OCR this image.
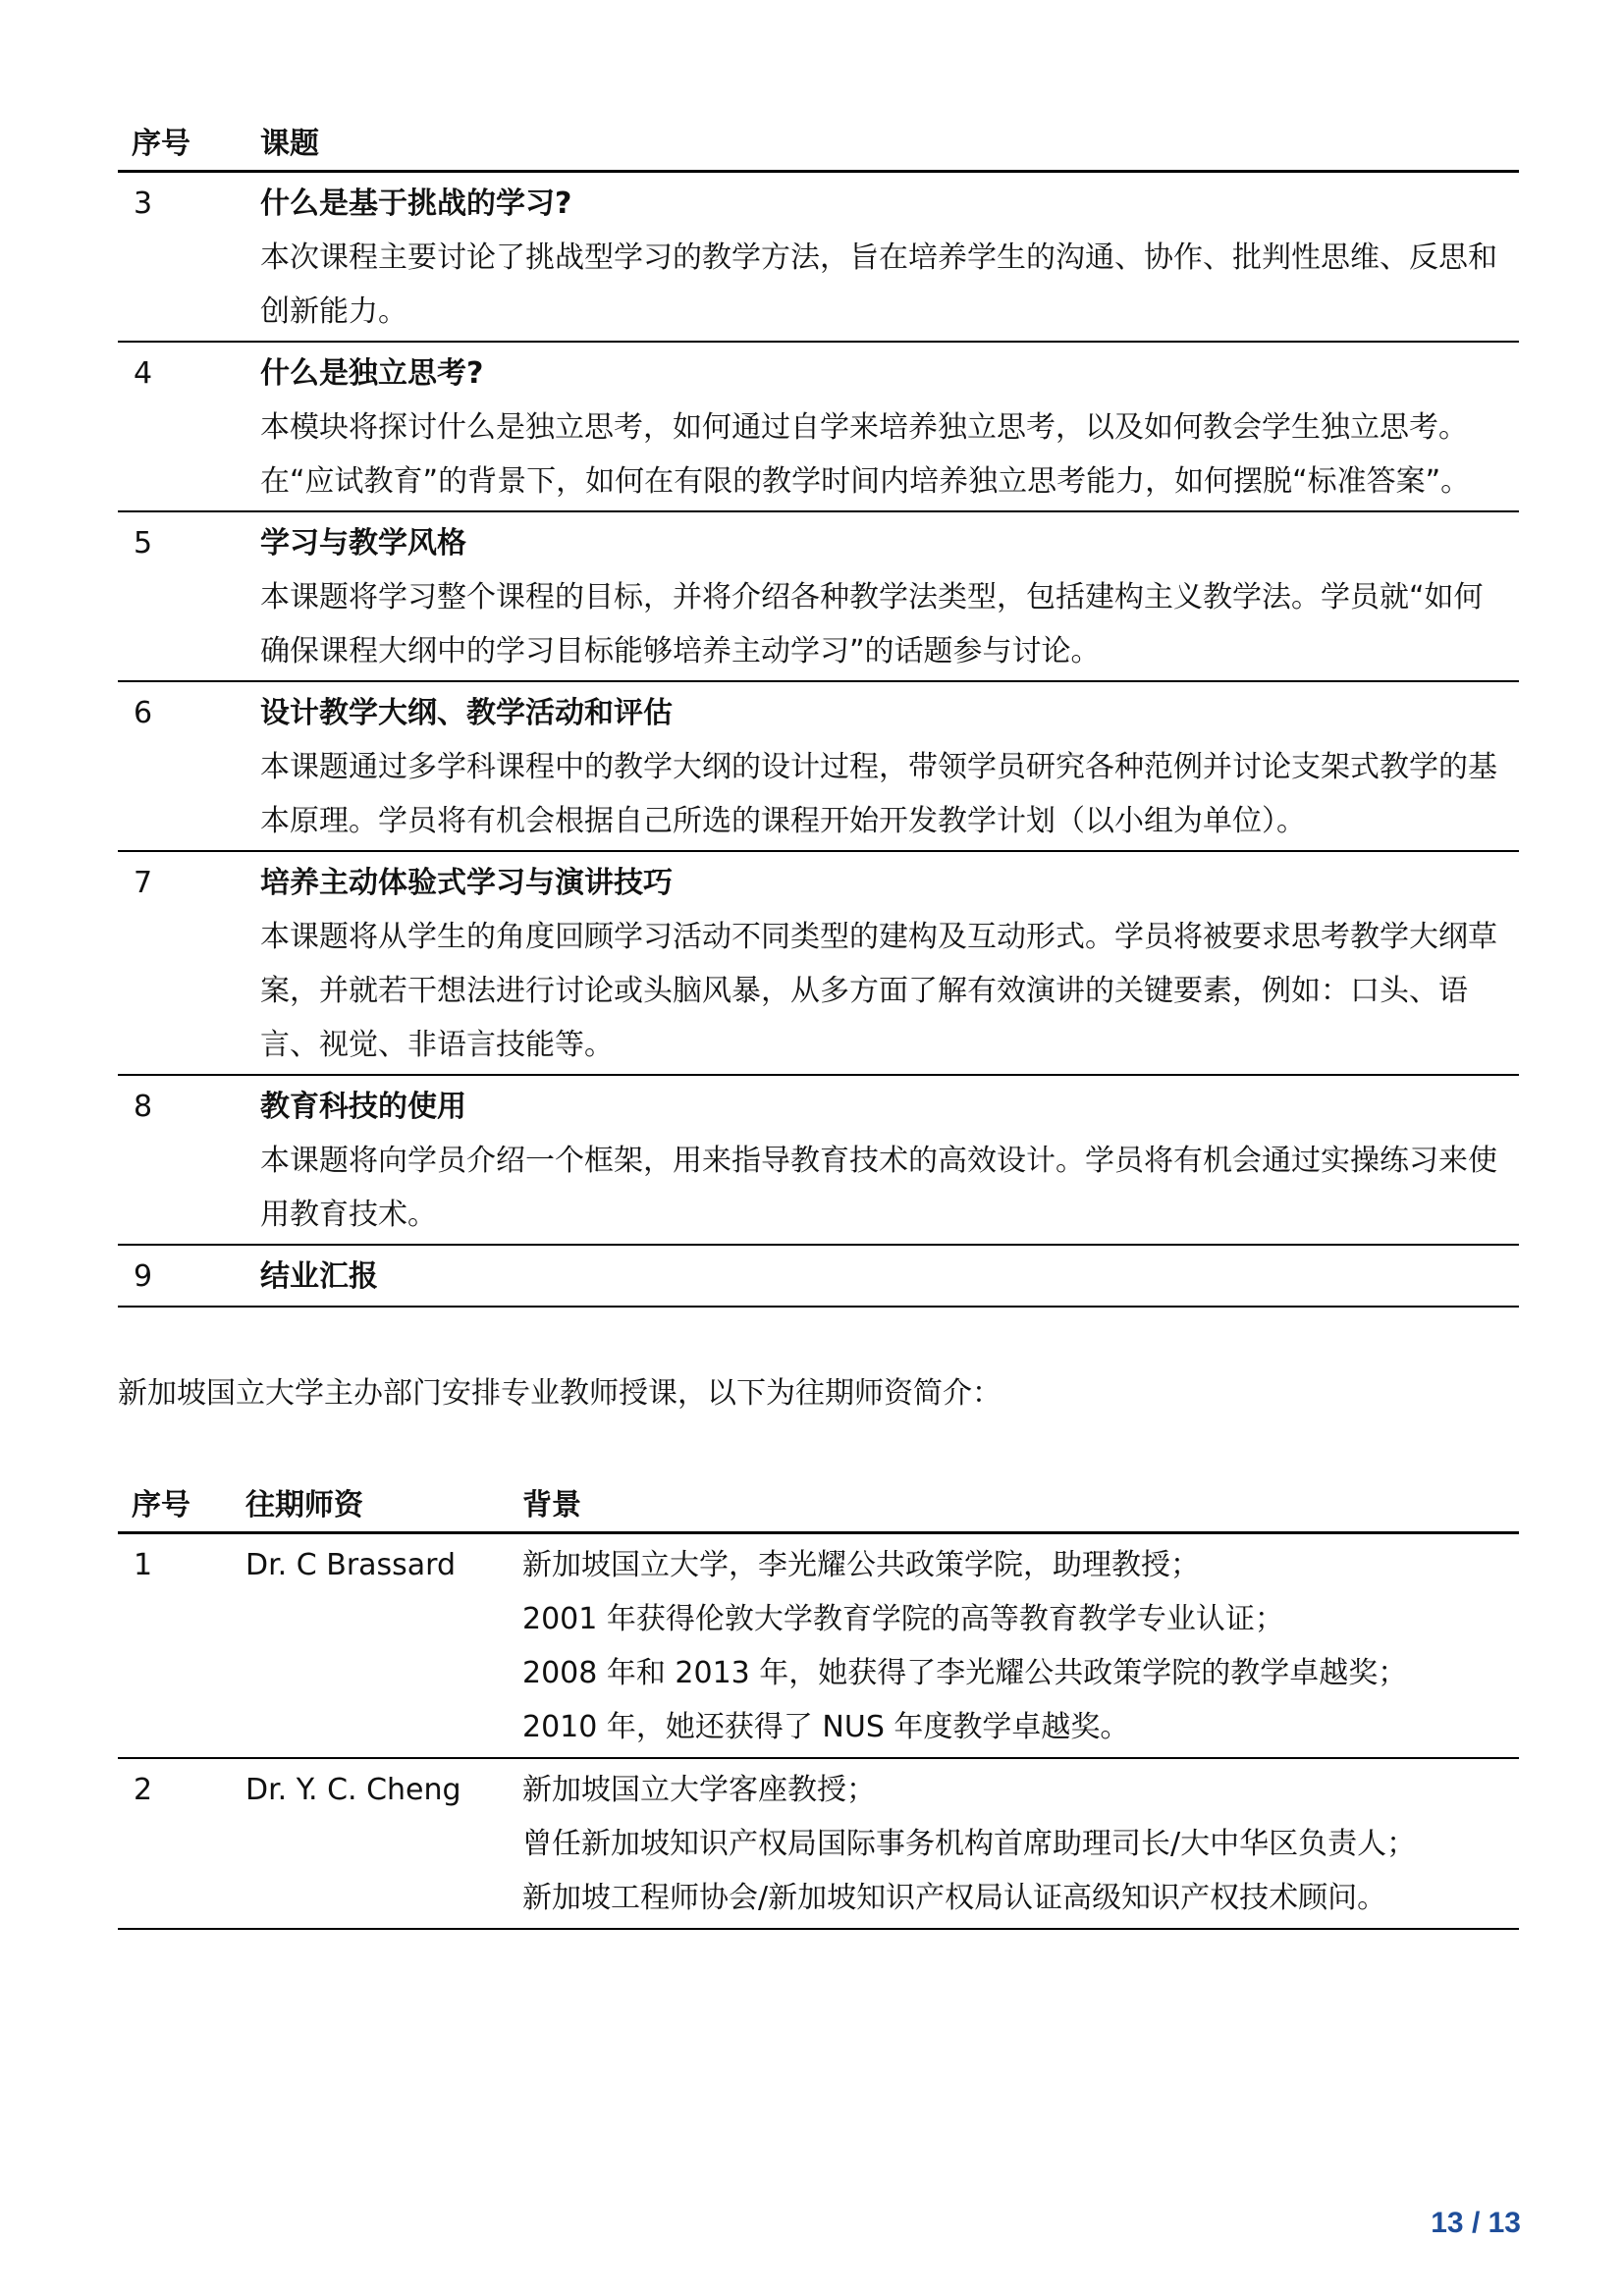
序号	课题
3	什么是基于挑战的学习?
本次课程主要讨论了挑战型学习的教学方法，旨在培养学生的沟通、协作、批判性思维、反思和创新能力。
4	什么是独立思考?
本模块将探讨什么是独立思考，如何通过自学来培养独立思考，以及如何教会学生独立思考。在“应试教育”的背景下，如何在有限的教学时间内培养独立思考能力，如何摆脱“标准答案”。
5	学习与教学风格
本课题将学习整个课程的目标，并将介绍各种教学法类型，包括建构主义教学法。学员就“如何确保课程大纲中的学习目标能够培养主动学习”的话题参与讨论。
6	设计教学大纲、教学活动和评估
本课题通过多学科课程中的教学大纲的设计过程，带领学员研究各种范例并讨论支架式教学的基本原理。学员将有机会根据自己所选的课程开始开发教学计划（以小组为单位）。
7	培养主动体验式学习与演讲技巧
本课题将从学生的角度回顾学习活动不同类型的建构及互动形式。学员将被要求思考教学大纲草案，并就若干想法进行讨论或头脑风暴，从多方面了解有效演讲的关键要素，例如：口头、语言、视觉、非语言技能等。
8	教育科技的使用
本课题将向学员介绍一个框架，用来指导教育技术的高效设计。学员将有机会通过实操练习来使用教育技术。
9	结业汇报
新加坡国立大学主办部门安排专业教师授课，以下为往期师资简介：
序号	往期师资	背景
1	Dr. C Brassard	新加坡国立大学，李光耀公共政策学院，助理教授；
2001 年获得伦敦大学教育学院的高等教育教学专业认证；
2008 年和 2013 年，她获得了李光耀公共政策学院的教学卓越奖；
2010 年，她还获得了 NUS 年度教学卓越奖。
2	Dr. Y. C. Cheng	新加坡国立大学客座教授；
曾任新加坡知识产权局国际事务机构首席助理司长/大中华区负责人；
新加坡工程师协会/新加坡知识产权局认证高级知识产权技术顾问。
13 / 13
